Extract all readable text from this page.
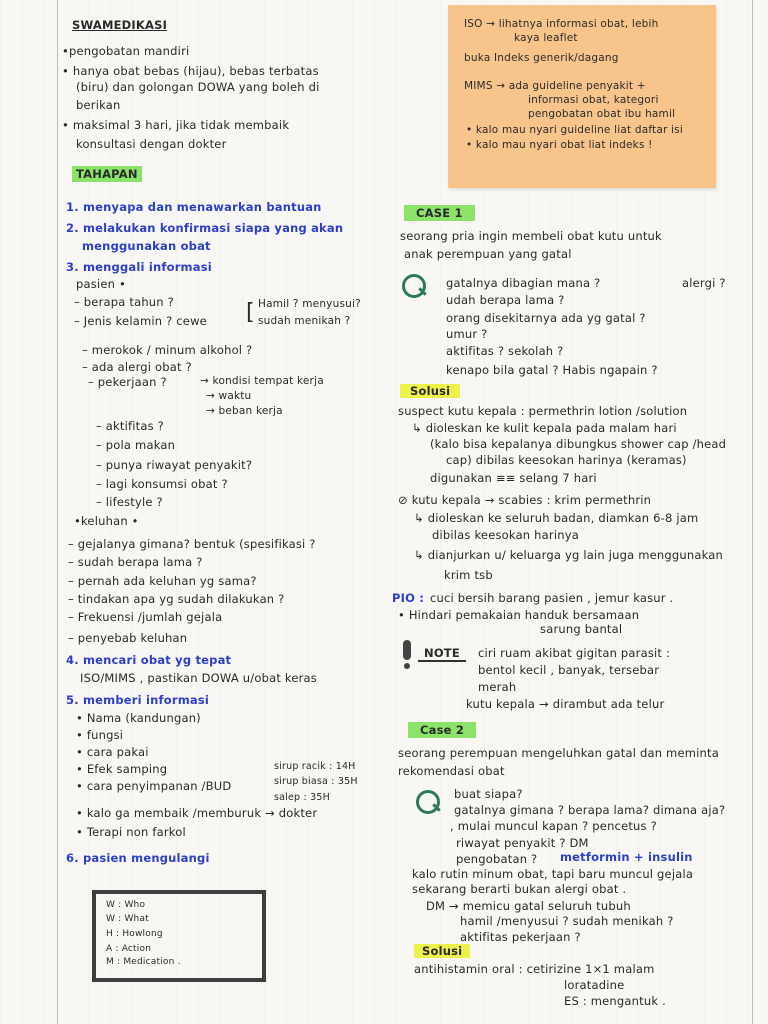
SWAMEDIKASI
•pengobatan mandiri
• hanya obat bebas (hijau), bebas terbatas
(biru) dan golongan DOWA yang boleh di
berikan
• maksimal 3 hari, jika tidak membaik
konsultasi dengan dokter
TAHAPAN
1. menyapa dan menawarkan bantuan
2. melakukan konfirmasi siapa yang akan
menggunakan obat
3. menggali informasi
pasien •
– berapa tahun ?
– Jenis kelamin ? cewe
Hamil ? menyusui?
sudah menikah ?
[
– merokok / minum alkohol ?
– ada alergi obat ?
– pekerjaan ?	→ kondisi tempat kerja
→ waktu
→ beban kerja
– aktifitas ?
– pola makan
– punya riwayat penyakit?
– lagi konsumsi obat ?
– lifestyle ?
•keluhan •
– gejalanya gimana? bentuk (spesifikasi ?
– sudah berapa lama ?
– pernah ada keluhan yg sama?
– tindakan apa yg sudah dilakukan ?
– Frekuensi /jumlah gejala
– penyebab keluhan
4. mencari obat yg tepat
ISO/MIMS , pastikan DOWA u/obat keras
5. memberi informasi
• Nama (kandungan)
• fungsi
• cara pakai
• Efek samping
• cara penyimpanan /BUD
sirup racik : 14H
sirup biasa : 35H
salep : 35H
• kalo ga membaik /memburuk → dokter
• Terapi non farkol
6. pasien mengulangi
W : Who
W : What
H : Howlong
A : Action
M : Medication .
ISO → lihatnya informasi obat, lebih
kaya leaflet
buka Indeks generik/dagang
MIMS → ada guideline penyakit +
informasi obat, kategori
pengobatan obat ibu hamil
• kalo mau nyari guideline liat daftar isi
• kalo mau nyari obat liat indeks !
CASE 1
seorang pria ingin membeli obat kutu untuk
anak perempuan yang gatal
gatalnya dibagian mana ?	alergi ?
udah berapa lama ?
orang disekitarnya ada yg gatal ?
umur ?
aktifitas ? sekolah ?
kenapo bila gatal ? Habis ngapain ?
Solusi
suspect kutu kepala : permethrin lotion /solution
↳ dioleskan ke kulit kepala pada malam hari
(kalo bisa kepalanya dibungkus shower cap /head
cap) dibilas keesokan harinya (keramas)
digunakan ≡≡ selang 7 hari
⊘ kutu kepala → scabies : krim permethrin
↳ dioleskan ke seluruh badan, diamkan 6-8 jam
dibilas keesokan harinya
↳ dianjurkan u/ keluarga yg lain juga menggunakan
krim tsb
PIO : cuci bersih barang pasien , jemur kasur .
• Hindari pemakaian handuk bersamaan
sarung bantal
NOTE	ciri ruam akibat gigitan parasit :
bentol kecil , banyak, tersebar
merah
kutu kepala → dirambut ada telur
Case 2
seorang perempuan mengeluhkan gatal dan meminta
rekomendasi obat
buat siapa?
gatalnya gimana ? berapa lama? dimana aja?
, mulai muncul kapan ? pencetus ?
riwayat penyakit ? DM
pengobatan ? metformin + insulin
kalo rutin minum obat, tapi baru muncul gejala
sekarang berarti bukan alergi obat .
DM → memicu gatal seluruh tubuh
hamil /menyusui ? sudah menikah ?
aktifitas pekerjaan ?
Solusi
antihistamin oral : cetirizine 1×1 malam
loratadine
ES : mengantuk .
